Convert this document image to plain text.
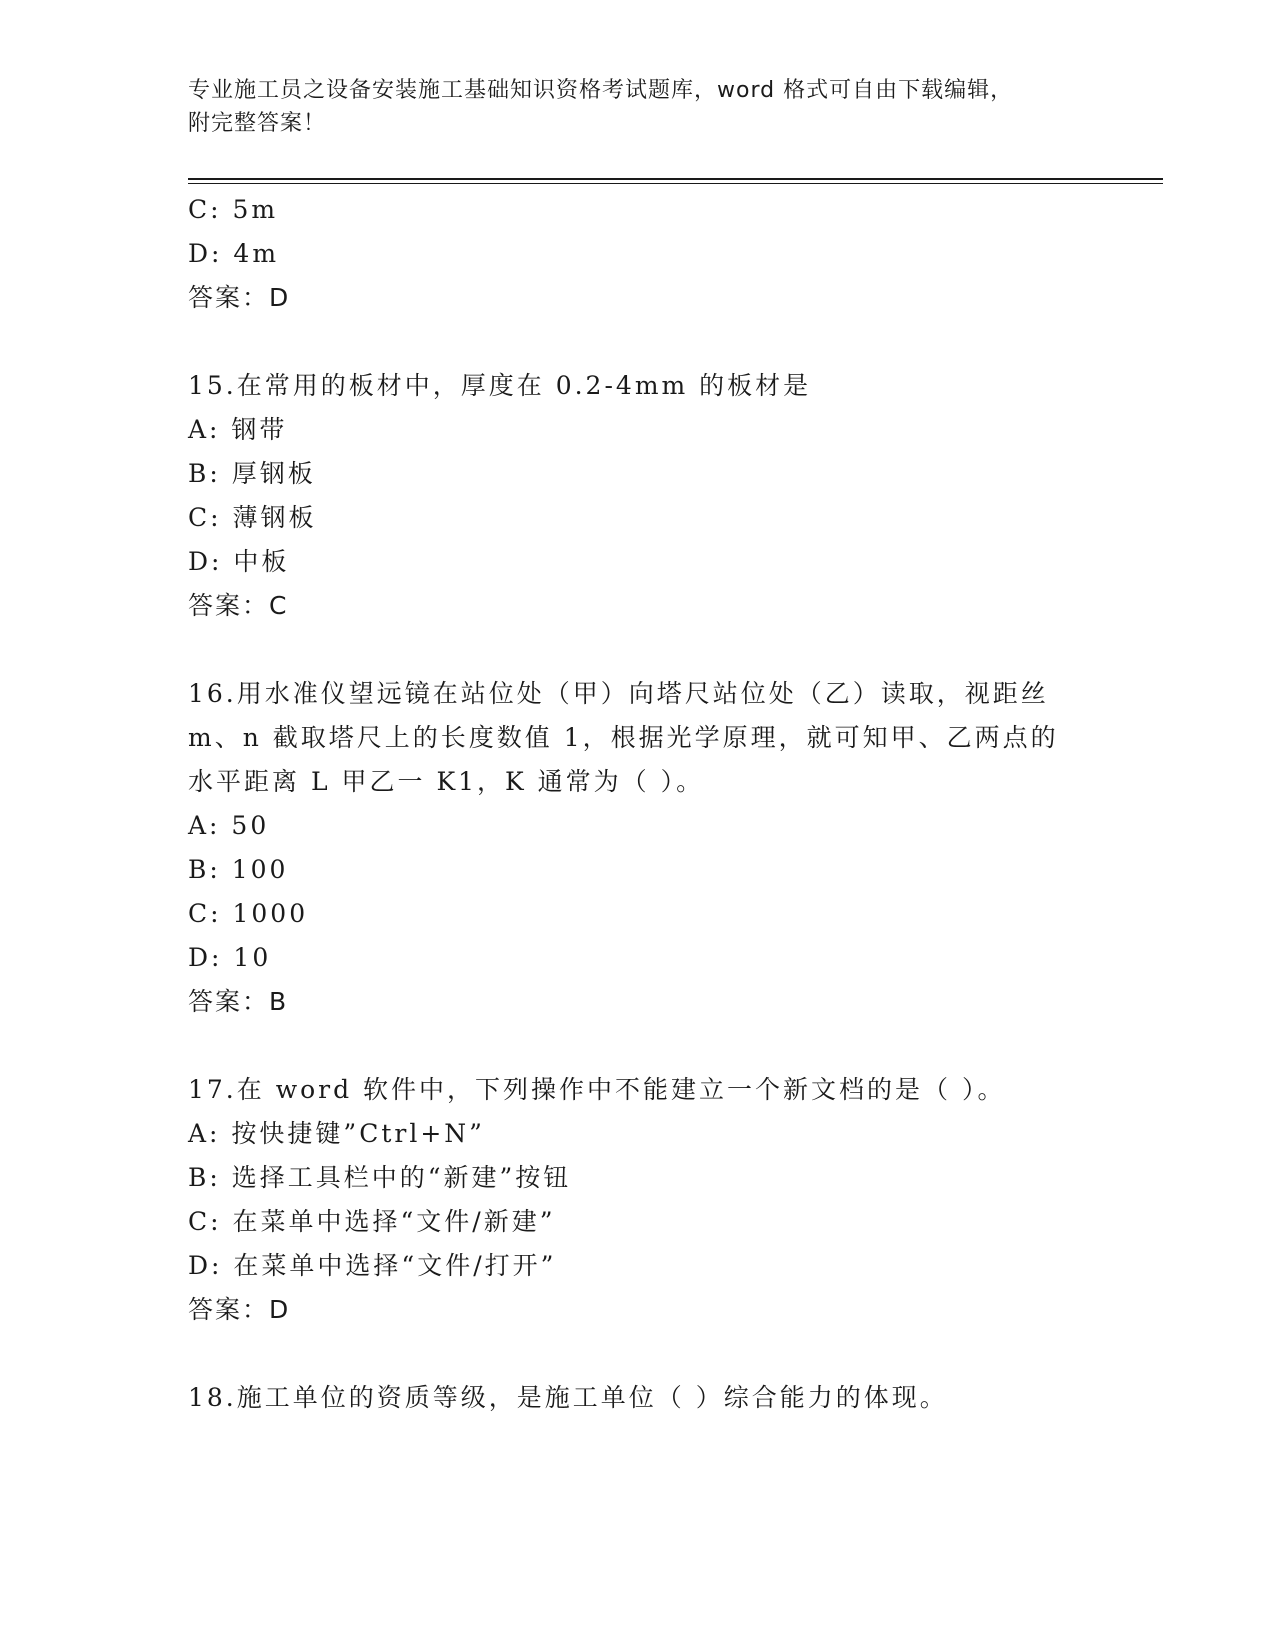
专业施工员之设备安装施工基础知识资格考试题库，word 格式可自由下载编辑，
附完整答案！
C: 5m
D: 4m
答案：D
15.在常用的板材中，厚度在 0.2-4mm 的板材是
A: 钢带
B: 厚钢板
C: 薄钢板
D: 中板
答案：C
16.用水准仪望远镜在站位处（甲）向塔尺站位处（乙）读取，视距丝
m、n 截取塔尺上的长度数值 1，根据光学原理，就可知甲、乙两点的
水平距离 L 甲乙一 K1，K 通常为（ ）。
A: 50
B: 100
C: 1000
D: 10
答案：B
17.在 word 软件中，下列操作中不能建立一个新文档的是（ ）。
A: 按快捷键”Ctrl+N”
B: 选择工具栏中的“新建”按钮
C: 在菜单中选择“文件/新建”
D: 在菜单中选择“文件/打开”
答案：D
18.施工单位的资质等级，是施工单位（ ）综合能力的体现。
